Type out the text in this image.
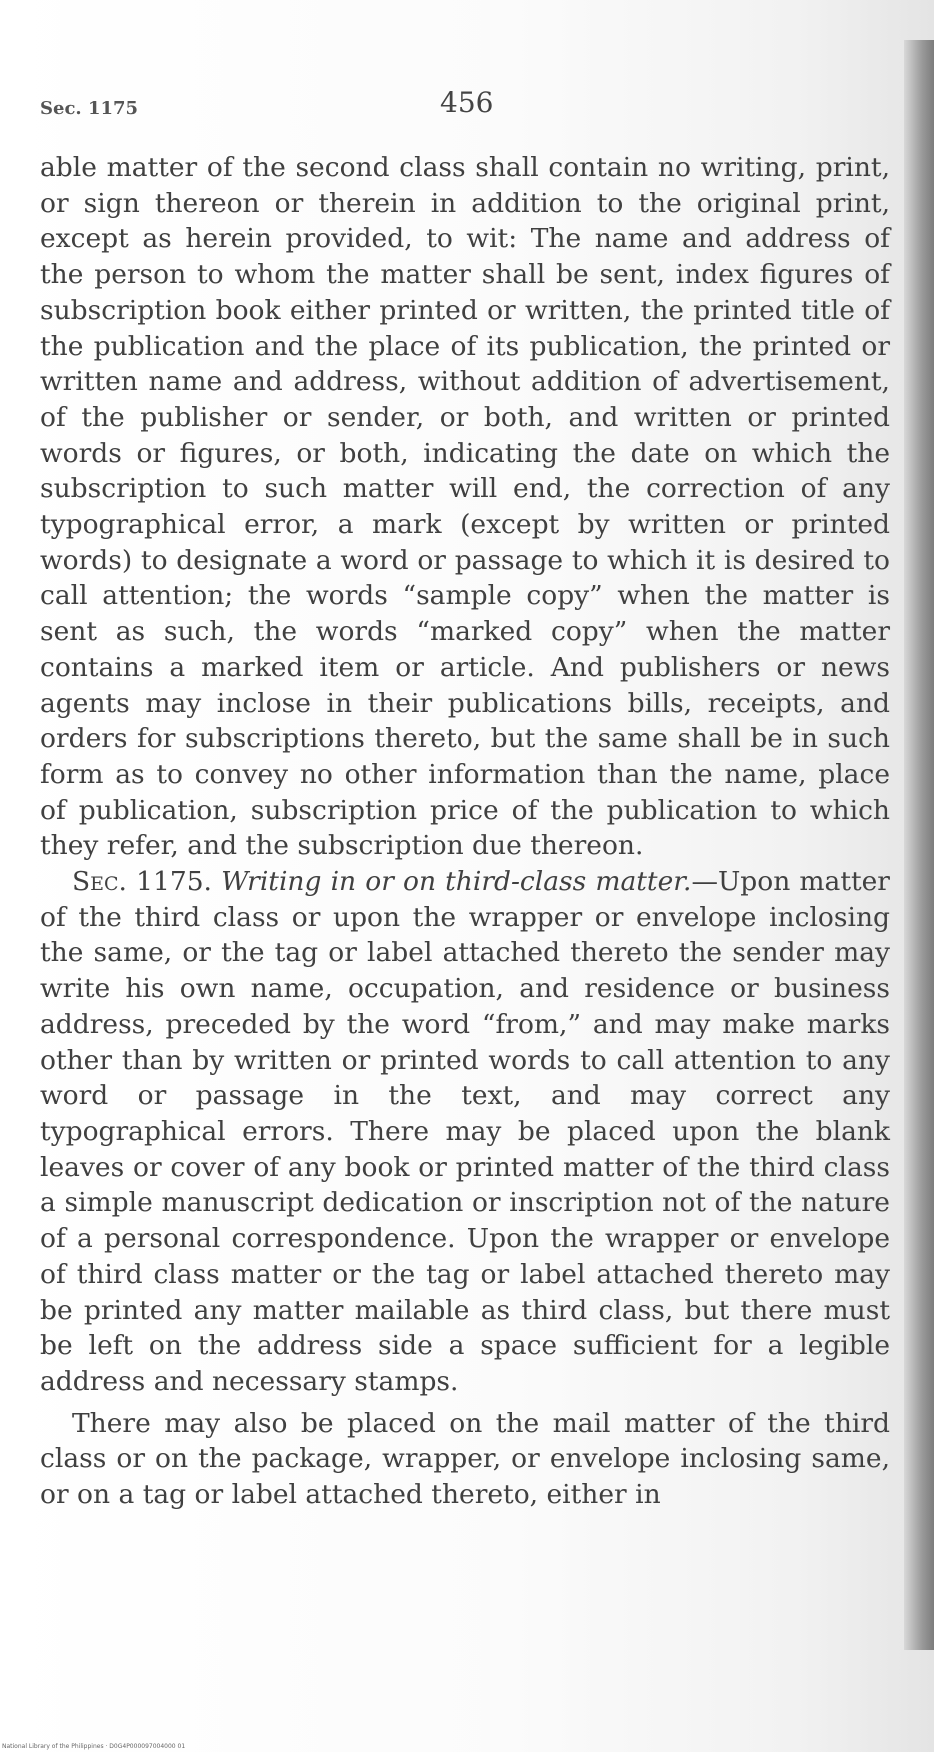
Sec. 1175	456

able matter of the second class shall contain no writing, print, or sign thereon or therein in addition to the original print, except as herein provided, to wit: The name and address of the person to whom the matter shall be sent, index figures of subscription book either printed or written, the printed title of the publication and the place of its publication, the printed or written name and address, without addition of advertisement, of the publisher or sender, or both, and written or printed words or figures, or both, indicating the date on which the subscription to such matter will end, the correction of any typographical error, a mark (except by written or printed words) to designate a word or passage to which it is desired to call attention; the words “sample copy” when the matter is sent as such, the words “marked copy” when the matter contains a marked item or article. And publishers or news agents may inclose in their publications bills, receipts, and orders for subscriptions thereto, but the same shall be in such form as to convey no other information than the name, place of publication, subscription price of the publication to which they refer, and the subscription due thereon.

Sec. 1175. Writing in or on third-class matter.—Upon matter of the third class or upon the wrapper or envelope inclosing the same, or the tag or label attached thereto the sender may write his own name, occupation, and residence or business address, preceded by the word “from,” and may make marks other than by written or printed words to call attention to any word or passage in the text, and may correct any typographical errors. There may be placed upon the blank leaves or cover of any book or printed matter of the third class a simple manuscript dedication or inscription not of the nature of a personal correspondence. Upon the wrapper or envelope of third class matter or the tag or label attached thereto may be printed any matter mailable as third class, but there must be left on the address side a space sufficient for a legible address and necessary stamps.

There may also be placed on the mail matter of the third class or on the package, wrapper, or envelope inclosing same, or on a tag or label attached thereto, either in

National Library of the Philippines · D0G4P000097004000 01
